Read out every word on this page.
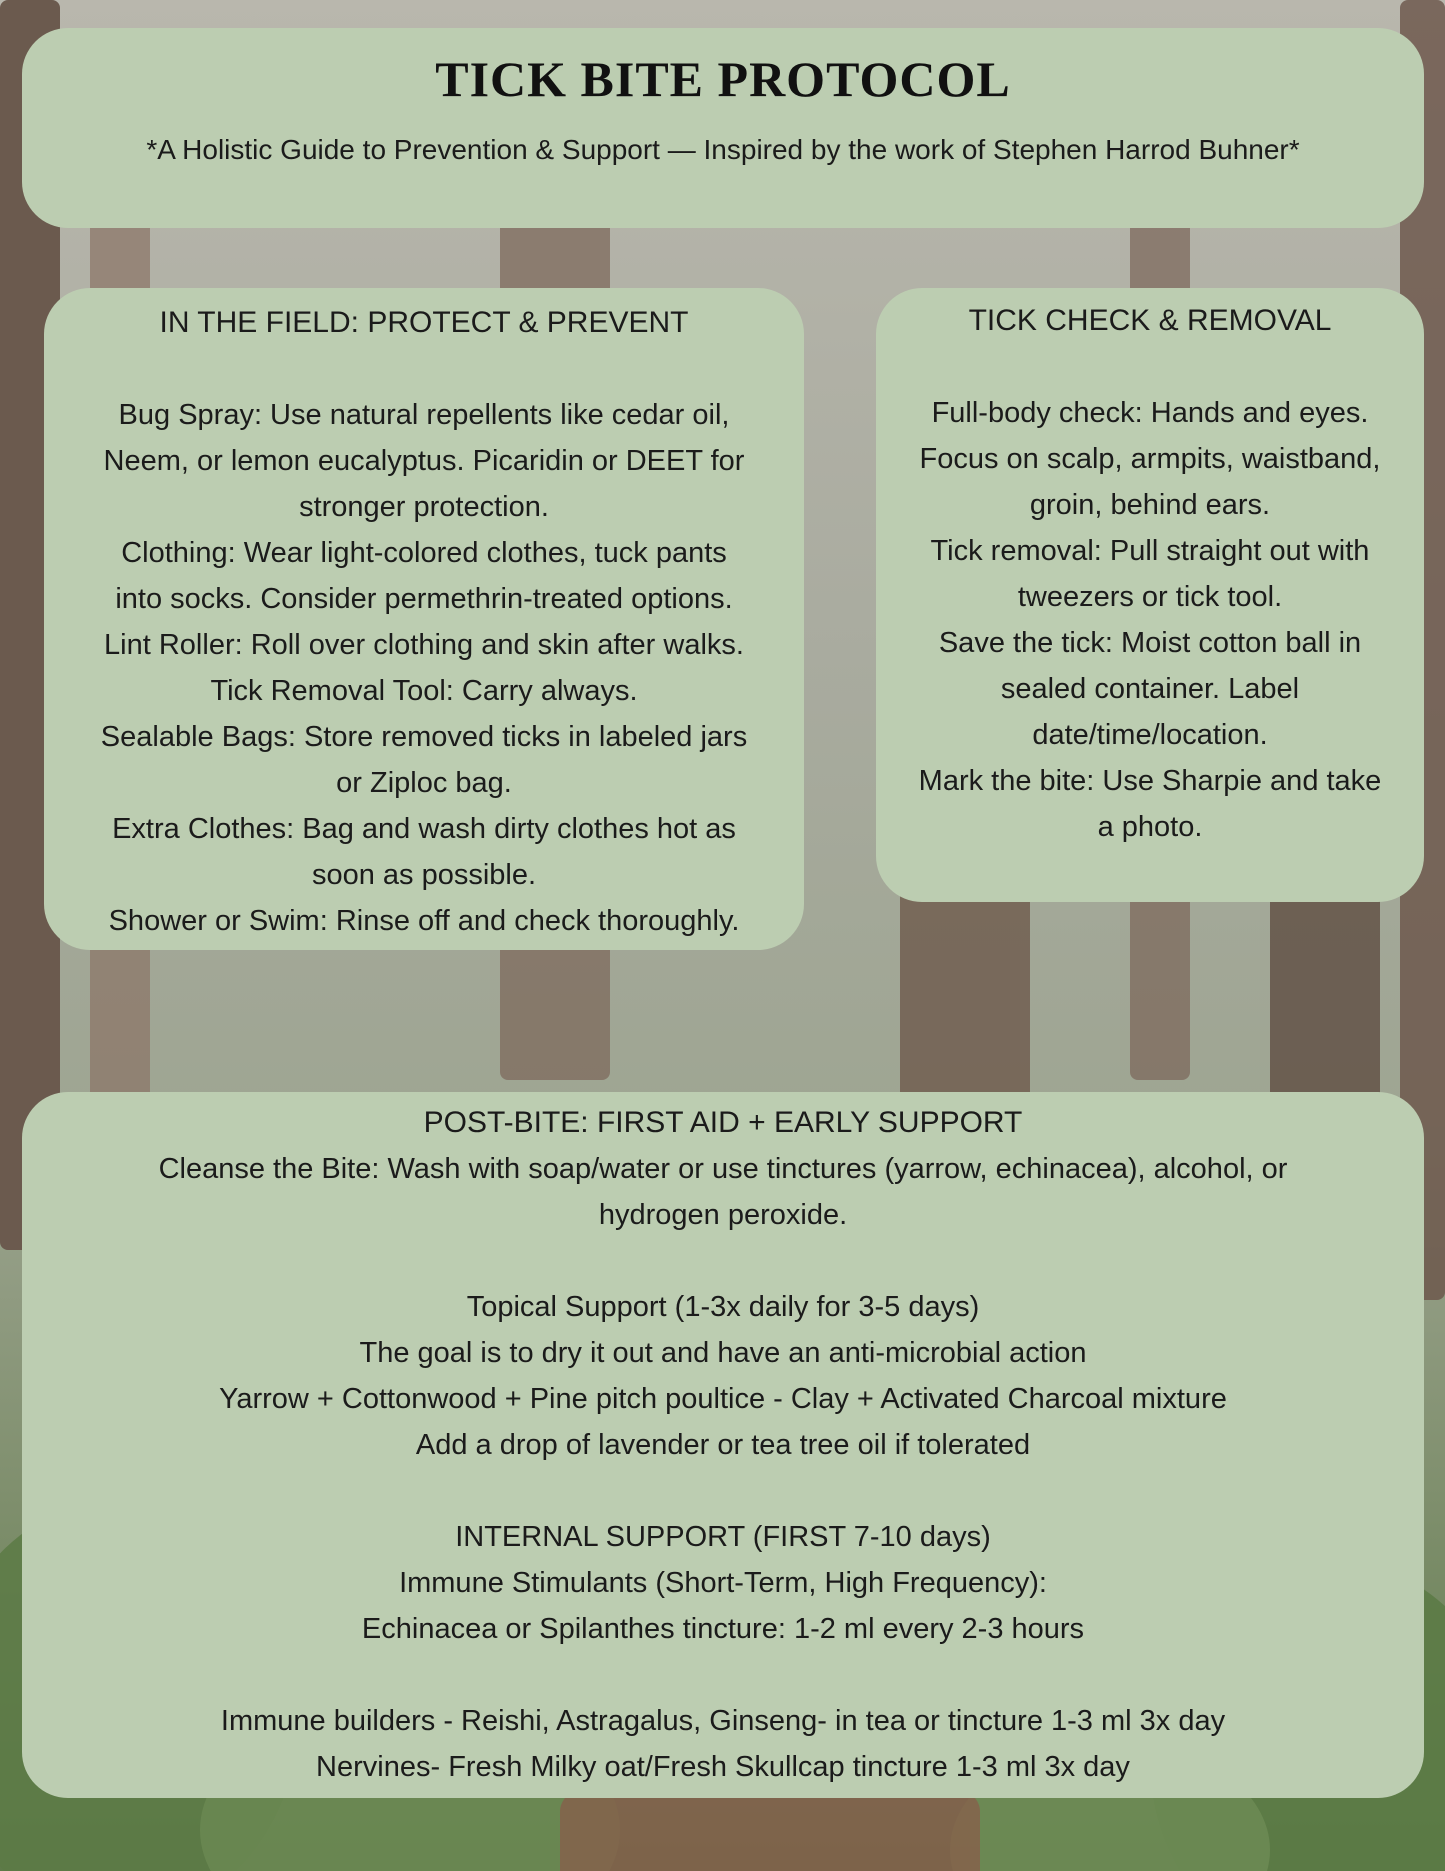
TICK BITE PROTOCOL
*A Holistic Guide to Prevention & Support — Inspired by the work of Stephen Harrod Buhner*
IN THE FIELD: PROTECT & PREVENT
Bug Spray: Use natural repellents like cedar oil,
Neem, or lemon eucalyptus. Picaridin or DEET for
stronger protection.
Clothing: Wear light-colored clothes, tuck pants
into socks. Consider permethrin-treated options.
Lint Roller: Roll over clothing and skin after walks.
Tick Removal Tool: Carry always.
Sealable Bags: Store removed ticks in labeled jars
or Ziploc bag.
Extra Clothes: Bag and wash dirty clothes hot as
soon as possible.
Shower or Swim: Rinse off and check thoroughly.
TICK CHECK & REMOVAL
Full-body check: Hands and eyes.
Focus on scalp, armpits, waistband,
groin, behind ears.
Tick removal: Pull straight out with
tweezers or tick tool.
Save the tick: Moist cotton ball in
sealed container. Label
date/time/location.
Mark the bite: Use Sharpie and take
a photo.
POST-BITE: FIRST AID + EARLY SUPPORT
Cleanse the Bite: Wash with soap/water or use tinctures (yarrow, echinacea), alcohol, or
hydrogen peroxide.
Topical Support (1-3x daily for 3-5 days)
The goal is to dry it out and have an anti-microbial action
Yarrow + Cottonwood + Pine pitch poultice - Clay + Activated Charcoal mixture
Add a drop of lavender or tea tree oil if tolerated
INTERNAL SUPPORT (FIRST 7-10 days)
Immune Stimulants (Short-Term, High Frequency):
Echinacea or Spilanthes tincture: 1-2 ml every 2-3 hours
Immune builders - Reishi, Astragalus, Ginseng- in tea or tincture 1-3 ml 3x day
Nervines- Fresh Milky oat/Fresh Skullcap tincture 1-3 ml 3x day
